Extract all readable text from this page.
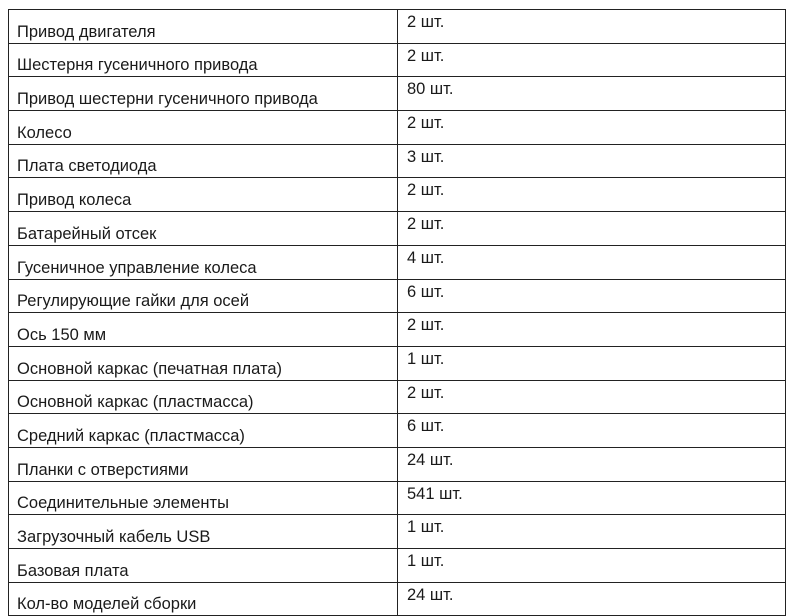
Привод двигателя	2 шт.
Шестерня гусеничного привода	2 шт.
Привод шестерни гусеничного привода	80 шт.
Колесо	2 шт.
Плата светодиода	3 шт.
Привод колеса	2 шт.
Батарейный отсек	2 шт.
Гусеничное управление колеса	4 шт.
Регулирующие гайки для осей	6 шт.
Ось 150 мм	2 шт.
Основной каркас (печатная плата)	1 шт.
Основной каркас (пластмасса)	2 шт.
Средний каркас (пластмасса)	6 шт.
Планки с отверстиями	24 шт.
Соединительные элементы	541 шт.
Загрузочный кабель USB	1 шт.
Базовая плата	1 шт.
Кол-во моделей сборки	24 шт.
